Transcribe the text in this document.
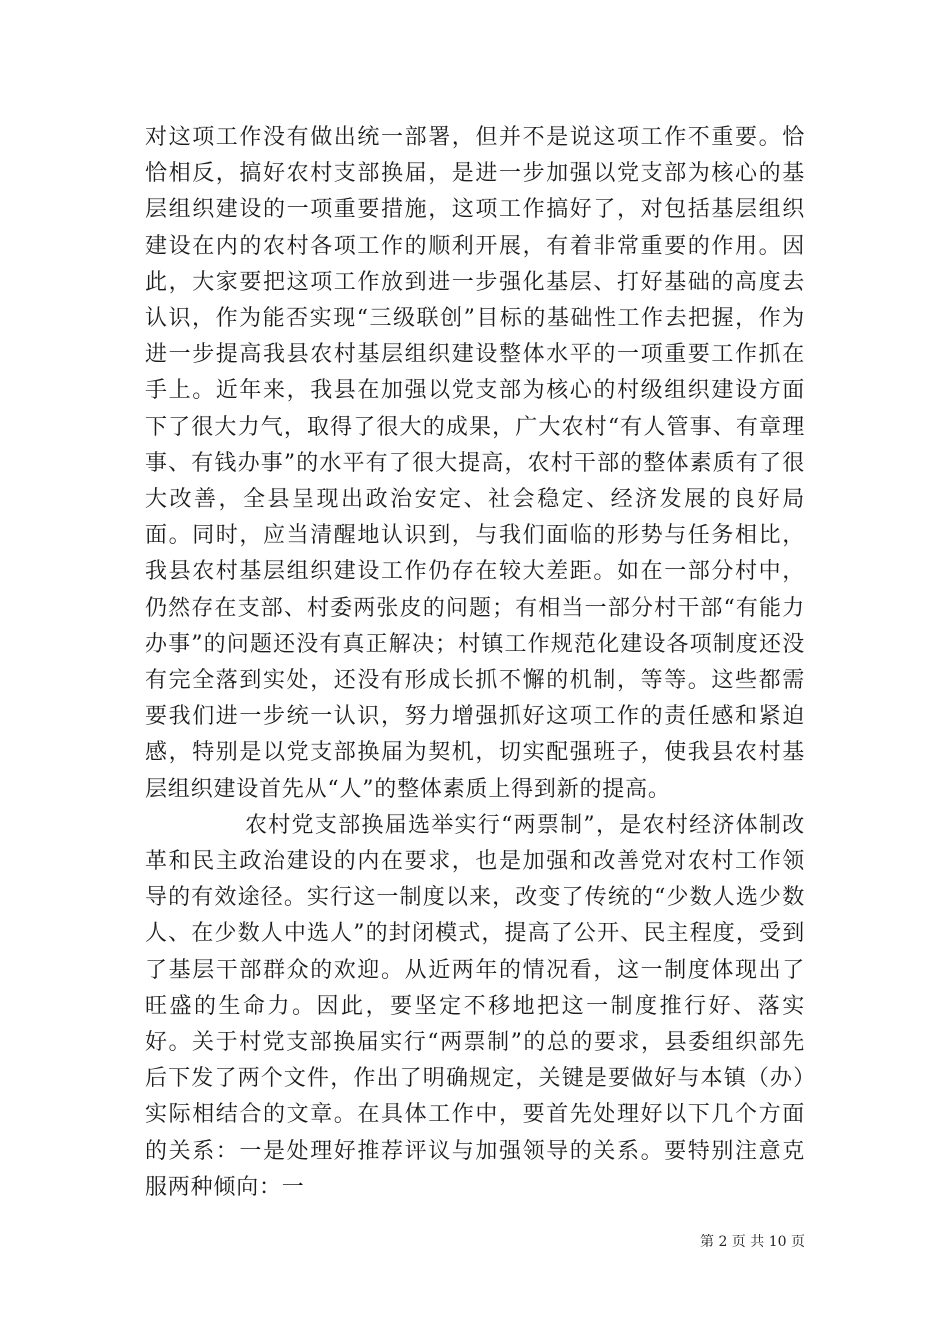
对这项工作没有做出统一部署，但并不是说这项工作不重要。恰恰相反，搞好农村支部换届，是进一步加强以党支部为核心的基层组织建设的一项重要措施，这项工作搞好了，对包括基层组织建设在内的农村各项工作的顺利开展，有着非常重要的作用。因此，大家要把这项工作放到进一步强化基层、打好基础的高度去认识，作为能否实现“三级联创”目标的基础性工作去把握，作为进一步提高我县农村基层组织建设整体水平的一项重要工作抓在手上。近年来，我县在加强以党支部为核心的村级组织建设方面下了很大力气，取得了很大的成果，广大农村“有人管事、有章理事、有钱办事”的水平有了很大提高，农村干部的整体素质有了很大改善，全县呈现出政治安定、社会稳定、经济发展的良好局面。同时，应当清醒地认识到，与我们面临的形势与任务相比，我县农村基层组织建设工作仍存在较大差距。如在一部分村中，仍然存在支部、村委两张皮的问题；有相当一部分村干部“有能力办事”的问题还没有真正解决；村镇工作规范化建设各项制度还没有完全落到实处，还没有形成长抓不懈的机制，等等。这些都需要我们进一步统一认识，努力增强抓好这项工作的责任感和紧迫感，特别是以党支部换届为契机，切实配强班子，使我县农村基层组织建设首先从“人”的整体素质上得到新的提高。

农村党支部换届选举实行“两票制”，是农村经济体制改革和民主政治建设的内在要求，也是加强和改善党对农村工作领导的有效途径。实行这一制度以来，改变了传统的“少数人选少数人、在少数人中选人”的封闭模式，提高了公开、民主程度，受到了基层干部群众的欢迎。从近两年的情况看，这一制度体现出了旺盛的生命力。因此，要坚定不移地把这一制度推行好、落实好。关于村党支部换届实行“两票制”的总的要求，县委组织部先后下发了两个文件，作出了明确规定，关键是要做好与本镇（办）实际相结合的文章。在具体工作中，要首先处理好以下几个方面的关系：一是处理好推荐评议与加强领导的关系。要特别注意克服两种倾向：一

第 2 页 共 10 页
